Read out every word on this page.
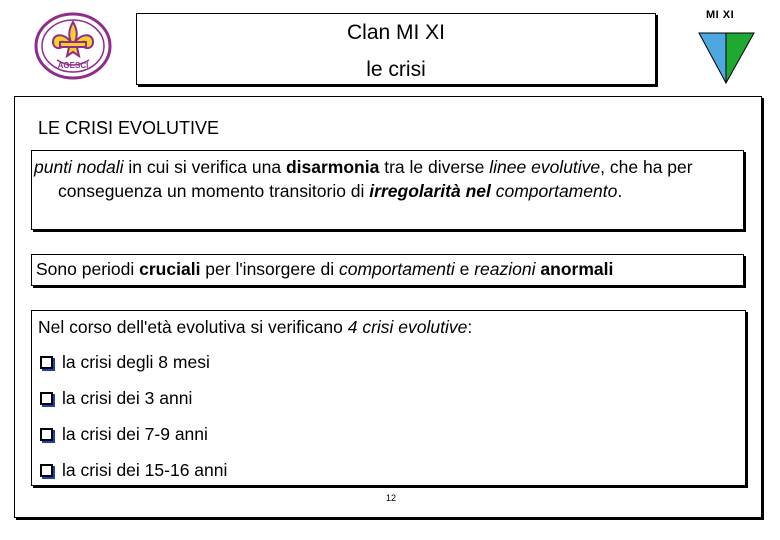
AGESCI
Clan MI XI
le crisi
MI XI
LE CRISI EVOLUTIVE
punti nodali in cui si verifica una disarmonia tra le diverse linee evolutive, che ha per conseguenza un momento transitorio di irregolarità nel comportamento.
Sono periodi cruciali per l'insorgere di comportamenti e reazioni anormali
Nel corso dell'età evolutiva si verificano 4 crisi evolutive:
la crisi degli 8 mesi
la crisi dei 3 anni
la crisi dei 7-9 anni
la crisi dei 15-16 anni
12
